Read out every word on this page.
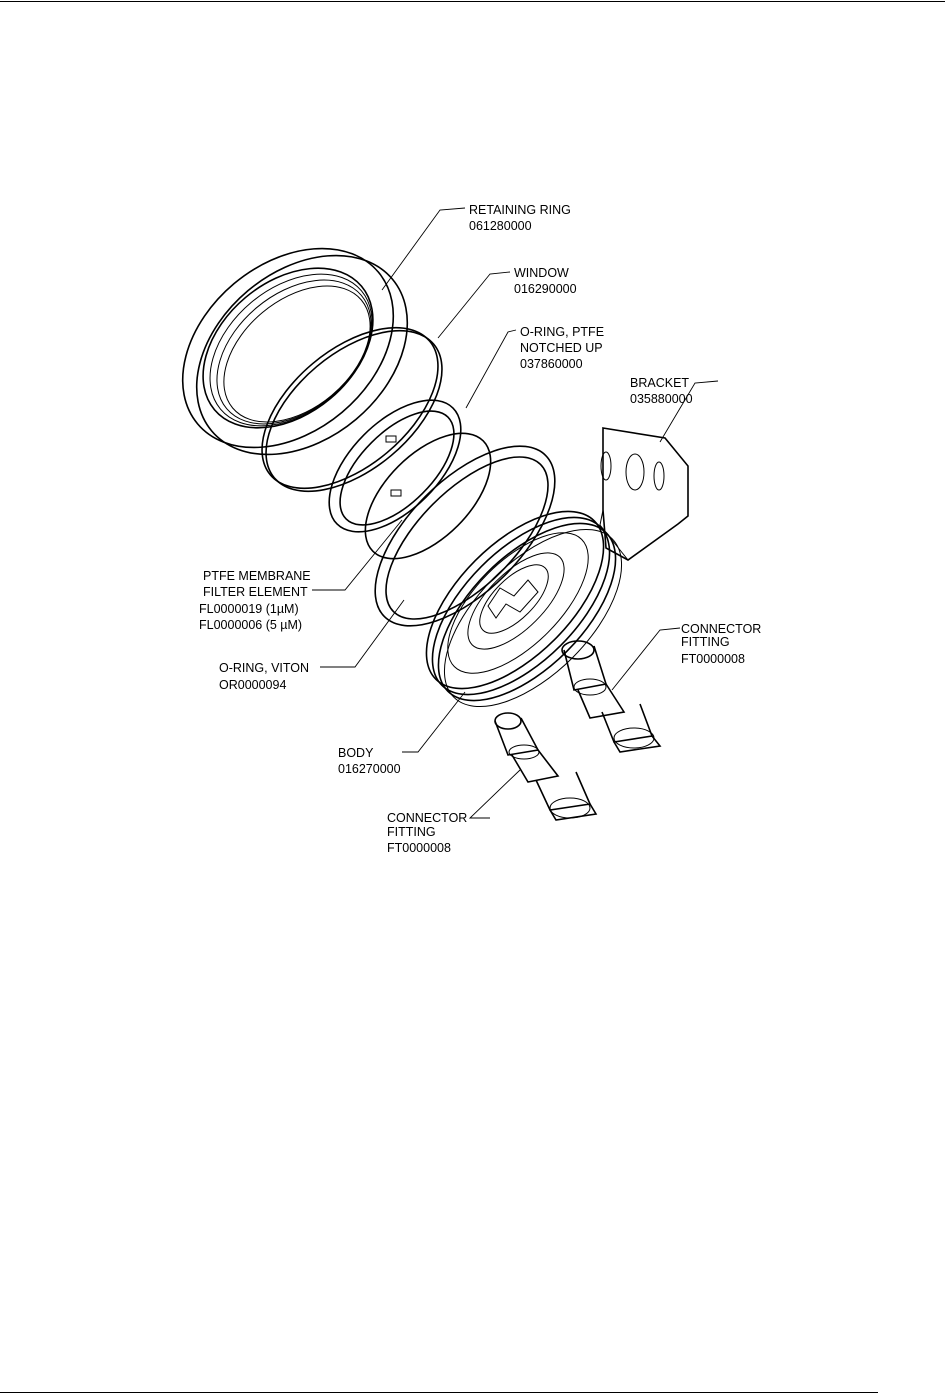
RETAINING RING
061280000
WINDOW
016290000
O-RING, PTFE
NOTCHED UP
037860000
BRACKET
035880000
PTFE MEMBRANE
FILTER ELEMENT
FL0000019 (1µM)
FL0000006 (5 µM)	CONNECTOR
FITTING
FT0000008
O-RING, VITON
OR0000094
BODY
016270000
CONNECTOR
FITTING
FT0000008
